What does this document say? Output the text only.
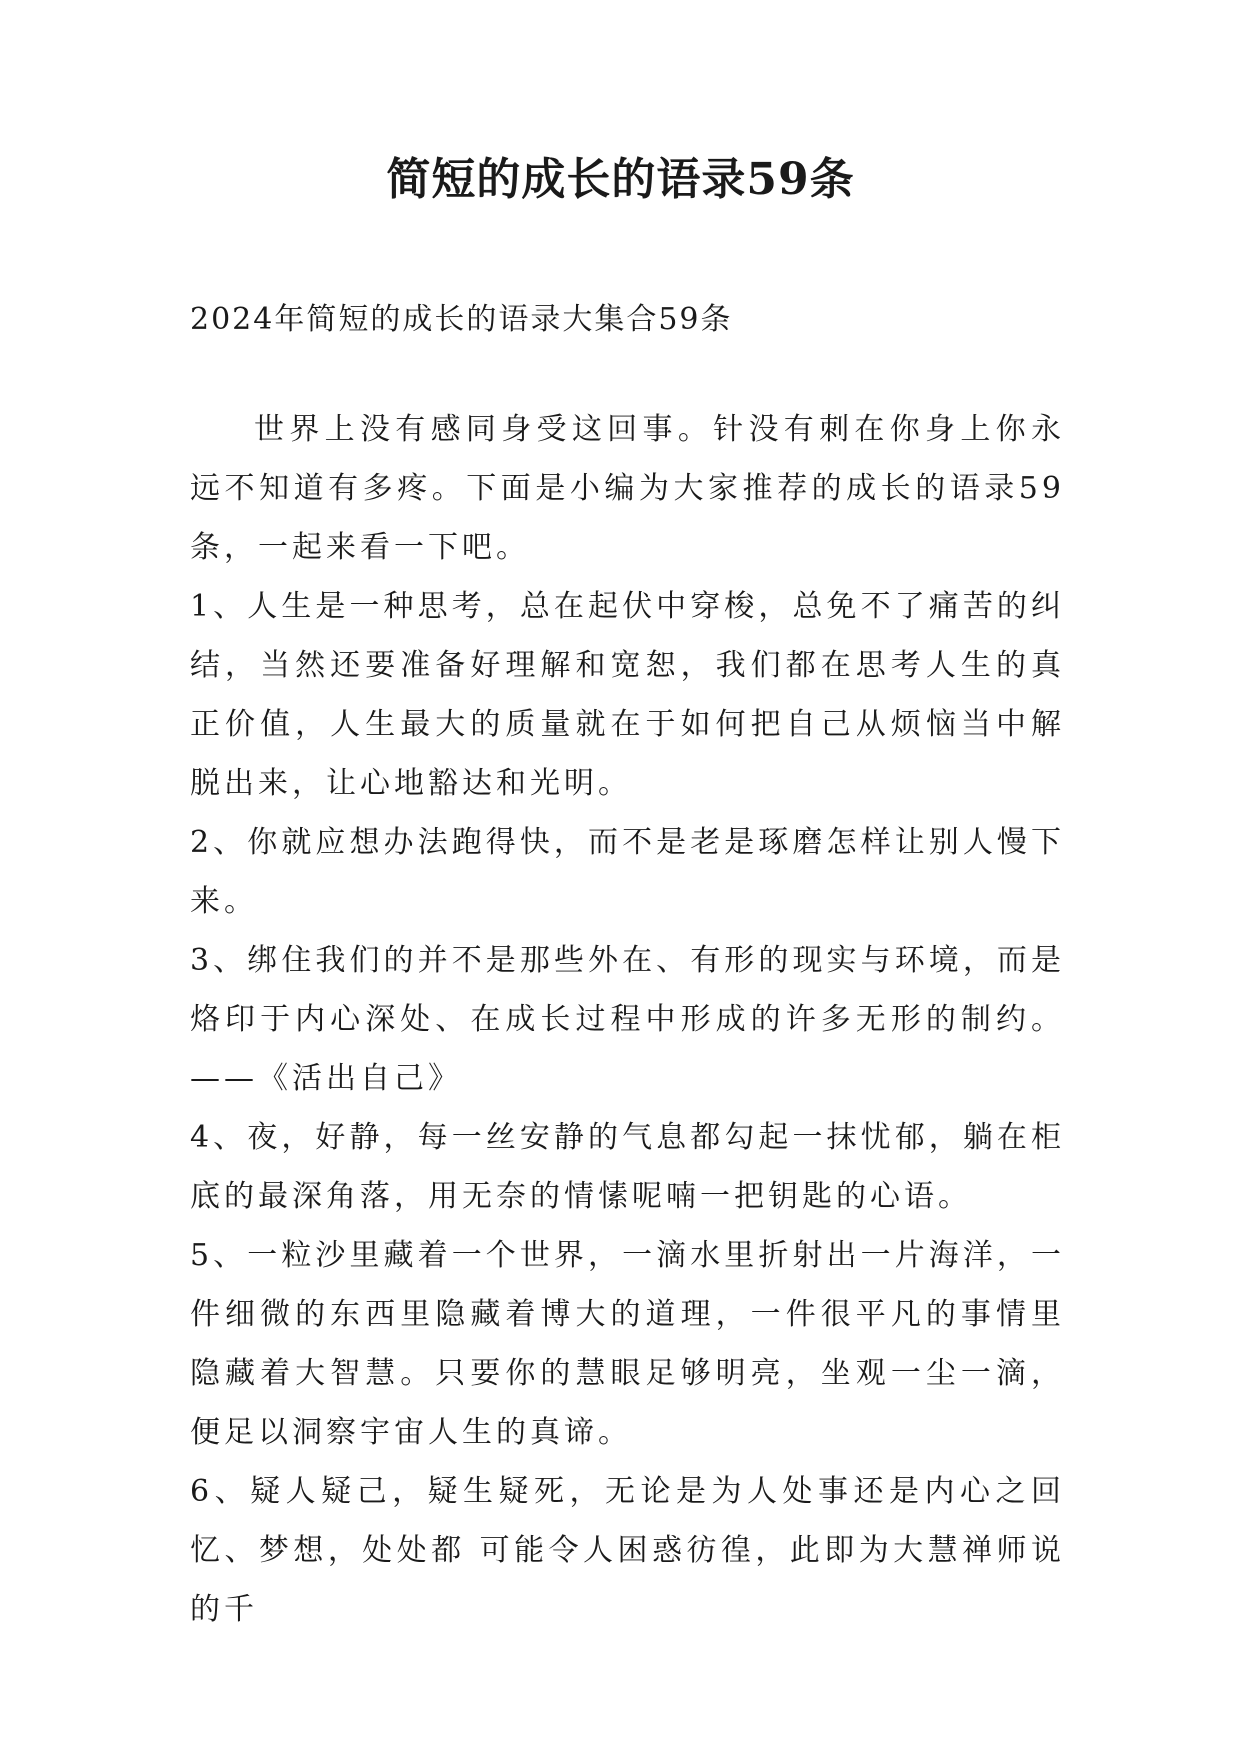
简短的成长的语录59条

2024年简短的成长的语录大集合59条

世界上没有感同身受这回事。针没有刺在你身上你永远不知道有多疼。下面是小编为大家推荐的成长的语录59条，一起来看一下吧。

1、人生是一种思考，总在起伏中穿梭，总免不了痛苦的纠结，当然还要准备好理解和宽恕，我们都在思考人生的真正价值，人生最大的质量就在于如何把自己从烦恼当中解脱出来，让心地豁达和光明。

2、你就应想办法跑得快，而不是老是琢磨怎样让别人慢下来。

3、绑住我们的并不是那些外在、有形的现实与环境，而是烙印于内心深处、在成长过程中形成的许多无形的制约。——《活出自己》

4、夜，好静，每一丝安静的气息都勾起一抹忧郁，躺在柜底的最深角落，用无奈的情愫呢喃一把钥匙的心语。

5、一粒沙里藏着一个世界，一滴水里折射出一片海洋，一件细微的东西里隐藏着博大的道理，一件很平凡的事情里隐藏着大智慧。只要你的慧眼足够明亮，坐观一尘一滴，便足以洞察宇宙人生的真谛。

6、疑人疑己，疑生疑死，无论是为人处事还是内心之回忆、梦想，处处都 可能令人困惑彷徨，此即为大慧禅师说的千
